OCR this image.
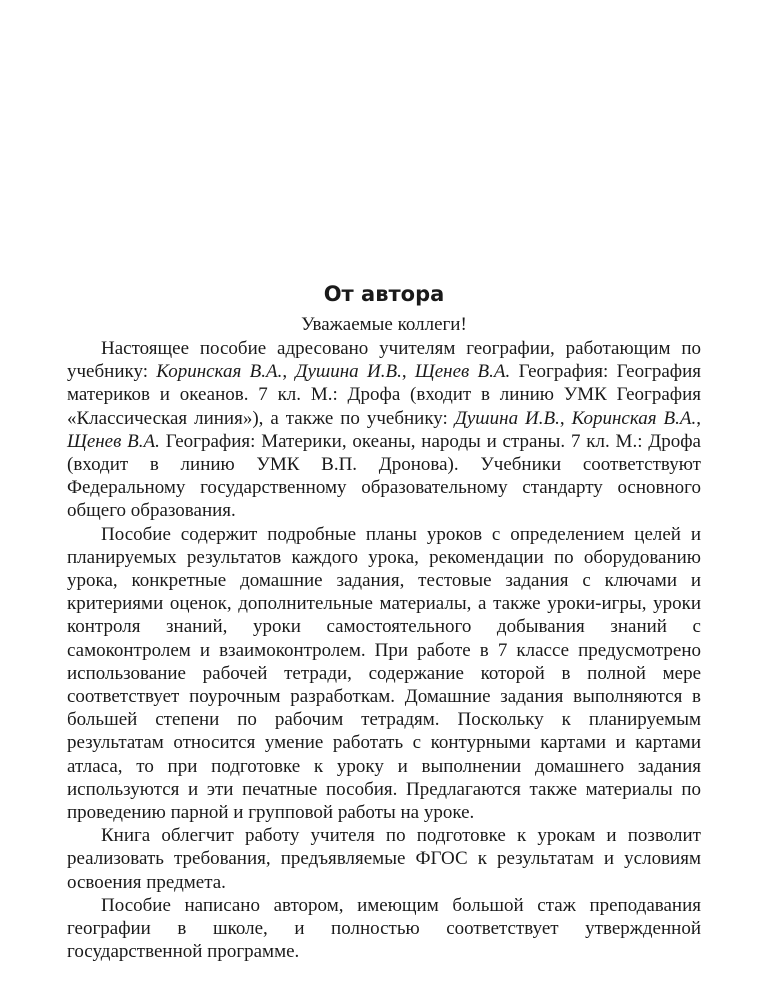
От автора

Уважаемые коллеги!

Настоящее пособие адресовано учителям географии, работающим по учебнику: Коринская В.А., Душина И.В., Щенев В.А. География: География материков и океанов. 7 кл. М.: Дрофа (входит в линию УМК География «Классическая линия»), а также по учебнику: Душина И.В., Коринская В.А., Щенев В.А. География: Материки, океаны, народы и страны. 7 кл. М.: Дрофа (входит в линию УМК В.П. Дронова). Учебники соответствуют Федеральному государственному образовательному стандарту основного общего образования.

Пособие содержит подробные планы уроков с определением целей и планируемых результатов каждого урока, рекомендации по оборудованию урока, конкретные домашние задания, тестовые задания с ключами и критериями оценок, дополнительные материалы, а также уроки-игры, уроки контроля знаний, уроки самостоятельного добывания знаний с самоконтролем и взаимоконтролем. При работе в 7 классе предусмотрено использование рабочей тетради, содержание которой в полной мере соответствует поурочным разработкам. Домашние задания выполняются в большей степени по рабочим тетрадям. Поскольку к планируемым результатам относится умение работать с контурными картами и картами атласа, то при подготовке к уроку и выполнении домашнего задания используются и эти печатные пособия. Предлагаются также материалы по проведению парной и групповой работы на уроке.

Книга облегчит работу учителя по подготовке к урокам и позволит реализовать требования, предъявляемые ФГОС к результатам и условиям освоения предмета.

Пособие написано автором, имеющим большой стаж преподавания географии в школе, и полностью соответствует утвержденной государственной программе.
